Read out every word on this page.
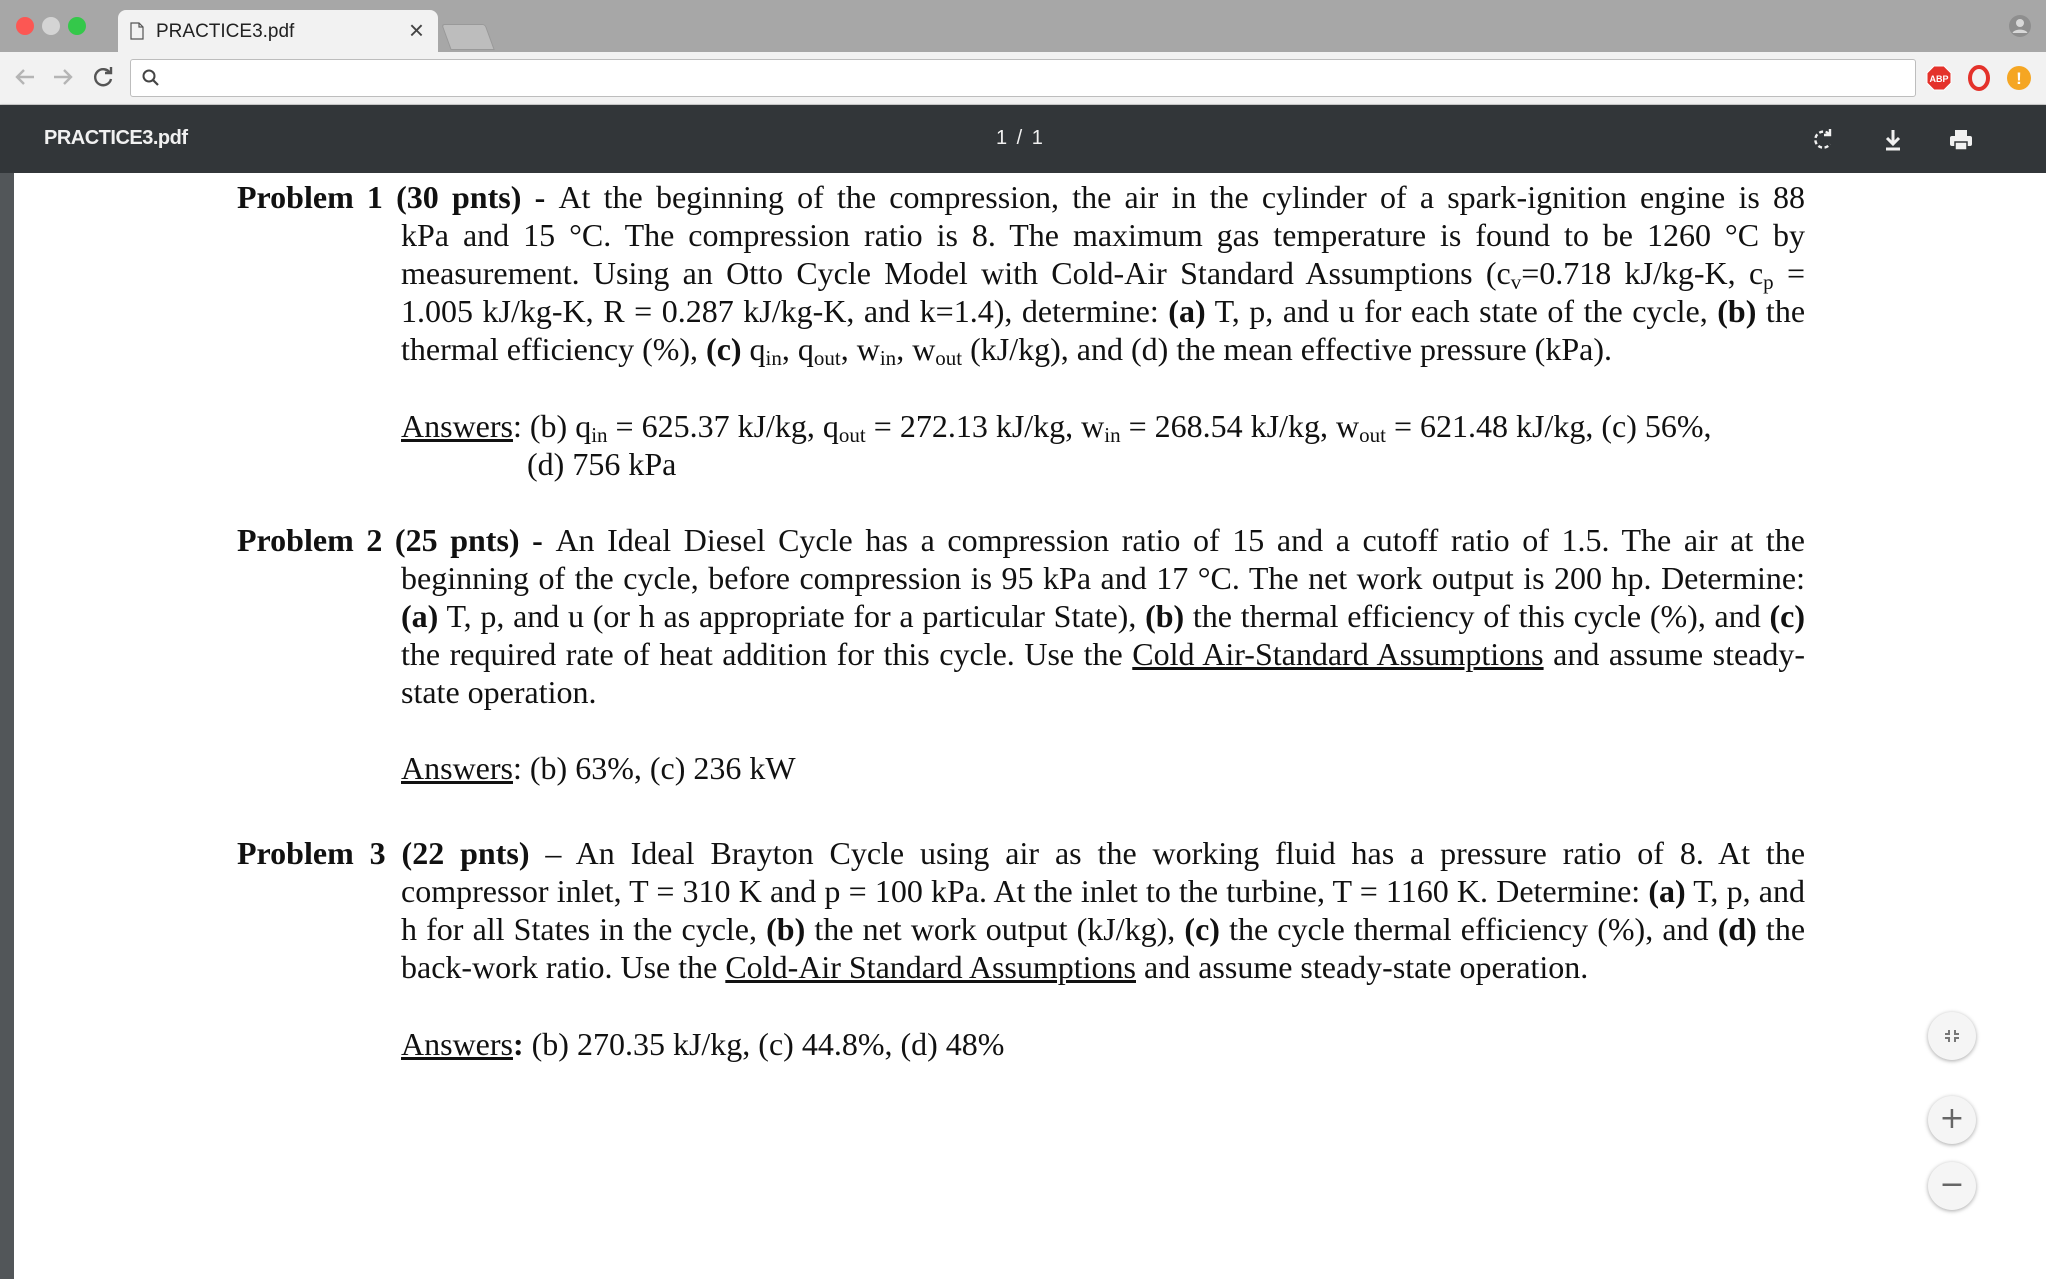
PRACTICE3.pdf	×
ABP	!
PRACTICE3.pdf	1 / 1
Problem 1 (30 pnts) - At the beginning of the compression, the air in the cylinder of a spark-ignition engine is 88
kPa and 15 °C. The compression ratio is 8. The maximum gas temperature is found to be 1260 °C by measurement. Using an Otto Cycle Model with Cold-Air Standard Assumptions ($c_v=0.718$ kJ/kg-K, $c_p = 1.005$ kJ/kg-K, R = 0.287 kJ/kg-K, and k=1.4), determine: (a) T, p, and u for each state of the cycle, (b) the thermal efficiency (%), (c) $q_{in}$, $q_{out}$, $w_{in}$, $w_{out}$ (kJ/kg), and (d) the mean effective pressure (kPa).
Answers: (b) $q_{in} = 625.37$ kJ/kg, $q_{out} = 272.13$ kJ/kg, $w_{in} = 268.54$ kJ/kg, $w_{out} = 621.48$ kJ/kg, (c) 56%,
(d) 756 kPa
Problem 2 (25 pnts) - An Ideal Diesel Cycle has a compression ratio of 15 and a cutoff ratio of 1.5. The air at the
beginning of the cycle, before compression is 95 kPa and 17 °C. The net work output is 200 hp. Determine: (a) T, p, and u (or h as appropriate for a particular State), (b) the thermal efficiency of this cycle (%), and (c) the required rate of heat addition for this cycle. Use the Cold Air-Standard Assumptions and assume steady-state operation.
Answers: (b) 63%, (c) 236 kW
Problem 3 (22 pnts) – An Ideal Brayton Cycle using air as the working fluid has a pressure ratio of 8. At the
compressor inlet, T = 310 K and p = 100 kPa. At the inlet to the turbine, T = 1160 K. Determine: (a) T, p, and h for all States in the cycle, (b) the net work output (kJ/kg), (c) the cycle thermal efficiency (%), and (d) the back-work ratio. Use the Cold-Air Standard Assumptions and assume steady-state operation.
Answers: (b) 270.35 kJ/kg, (c) 44.8%, (d) 48%
+
−
